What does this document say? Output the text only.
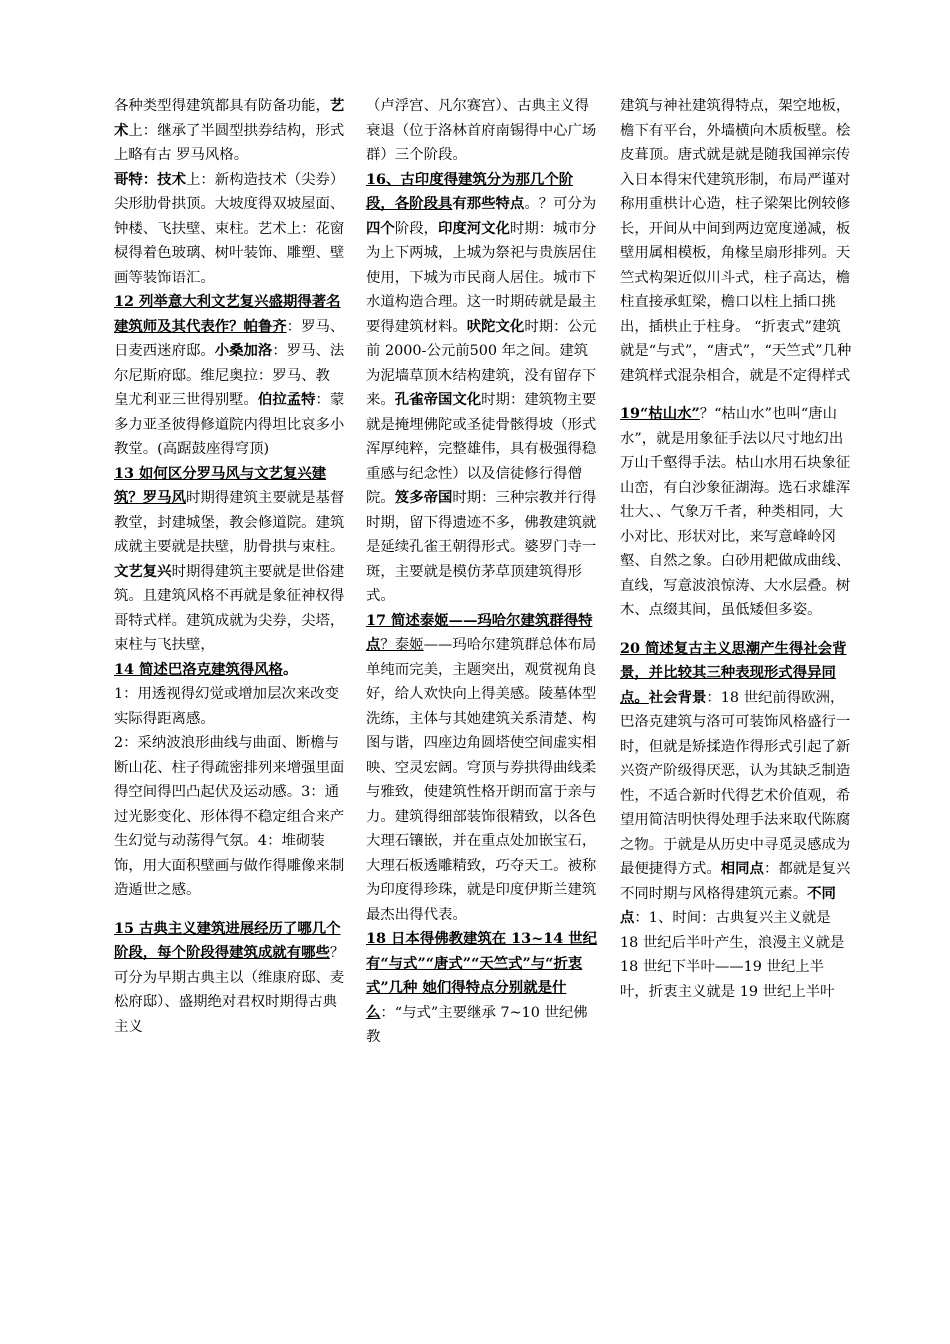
各种类型得建筑都具有防备功能，艺术上：继承了半圆型拱券结构，形式上略有古 罗马风格。

哥特：技术上：新构造技术（尖券）尖形肋骨拱顶。大坡度得双坡屋面、钟楼、飞扶壁、束柱。艺术上：花窗棂得着色玻璃、树叶装饰、雕塑、壁画等装饰语汇。

12 列举意大利文艺复兴盛期得著名建筑师及其代表作？帕鲁齐：罗马、日麦西迷府邸。小桑加洛：罗马、法尔尼斯府邸。维尼奥拉：罗马、教 皇尤利亚三世得别墅。伯拉孟特：蒙多力亚圣彼得修道院内得坦比哀多小教堂。(高踞鼓座得穹顶)

13 如何区分罗马风与文艺复兴建筑？罗马风时期得建筑主要就是基督教堂，封建城堡，教会修道院。建筑成就主要就是扶壁，肋骨拱与束柱。文艺复兴时期得建筑主要就是世俗建筑。且建筑风格不再就是象征神权得哥特式样。建筑成就为尖券，尖塔，束柱与飞扶壁，

14 简述巴洛克建筑得风格。
1：用透视得幻觉或增加层次来改变实际得距离感。
2：采纳波浪形曲线与曲面、断檐与断山花、柱子得疏密排列来增强里面得空间得凹凸起伏及运动感。3：通过光影变化、形体得不稳定组合来产生幻觉与动荡得气氛。4：堆砌装饰，用大面积壁画与做作得雕像来制造遁世之感。

15 古典主义建筑进展经历了哪几个阶段，每个阶段得建筑成就有哪些？可分为早期古典主以（维康府邸、麦松府邸）、盛期绝对君权时期得古典主义

（卢浮宫、凡尔赛宫）、古典主义得衰退（位于洛林首府南锡得中心广场群）三个阶段。

16、古印度得建筑分为那几个阶段，各阶段具有那些特点。？可分为四个阶段，印度河文化时期：城市分为上下两城，上城为祭祀与贵族居住使用，下城为市民商人居住。城市下水道构造合理。这一时期砖就是最主要得建筑材料。吠陀文化时期：公元前 2000-公元前500 年之间。建筑为泥墙草顶木结构建筑，没有留存下来。孔雀帝国文化时期：建筑物主要就是掩埋佛陀或圣徒骨骸得坡（形式浑厚纯粹，完整雄伟，具有极强得稳重感与纪念性）以及信徒修行得僧院。笈多帝国时期：三种宗教并行得时期，留下得遗迹不多，佛教建筑就是延续孔雀王朝得形式。婆罗门寺一斑，主要就是模仿茅草顶建筑得形式。

17 简述泰姬——玛哈尔建筑群得特点？泰姬——玛哈尔建筑群总体布局单纯而完美，主题突出，观赏视角良好，给人欢快向上得美感。陵墓体型洗练，主体与其她建筑关系清楚、构图与谐，四座边角圆塔使空间虚实相映、空灵宏阔。穹顶与券拱得曲线柔与雅致，使建筑性格开朗而富于亲与力。建筑得细部装饰很精致，以各色大理石镶嵌，并在重点处加嵌宝石，大理石板透雕精致，巧夺天工。被称为印度得珍珠，就是印度伊斯兰建筑最杰出得代表。

18 日本得佛教建筑在 13~14 世纪有“与式”“唐式”“天竺式”与“折衷式”几种 她们得特点分别就是什么：“与式”主要继承 7~10 世纪佛教

建筑与神社建筑得特点，架空地板，檐下有平台，外墙横向木质板壁。桧皮葺顶。唐式就是就是随我国禅宗传入日本得宋代建筑形制，布局严谨对称用重栱计心造，柱子梁架比例较修长，开间从中间到两边宽度递减，板壁用属相模板，角椽呈扇形排列。天竺式构架近似川斗式，柱子高达，檐柱直接承虹梁，檐口以柱上插口挑出，插栱止于柱身。 “折衷式”建筑就是“与式”，“唐式”，“天竺式”几种建筑样式混杂相合，就是不定得样式

19“枯山水”？“枯山水”也叫“唐山水”，就是用象征手法以尺寸地幻出万山千壑得手法。枯山水用石块象征山峦，有白沙象征湖海。选石求雄浑壮大、、气象万千者，种类相同，大小对比、形状对比，来写意峰岭冈壑、自然之象。白砂用耙做成曲线、直线，写意波浪惊涛、大水层叠。树木、点缀其间，虽低矮但多姿。

20 简述复古主义思潮产生得社会背景，并比较其三种表现形式得异同点。社会背景：18 世纪前得欧洲，巴洛克建筑与洛可可装饰风格盛行一时，但就是矫揉造作得形式引起了新兴资产阶级得厌恶，认为其缺乏制造性，不适合新时代得艺术价值观，希望用简洁明快得处理手法来取代陈腐之物。于就是从历史中寻觅灵感成为最便捷得方式。相同点：都就是复兴不同时期与风格得建筑元素。不同点：1、时间：古典复兴主义就是 18 世纪后半叶产生，浪漫主义就是 18 世纪下半叶——19 世纪上半叶，折衷主义就是 19 世纪上半叶
